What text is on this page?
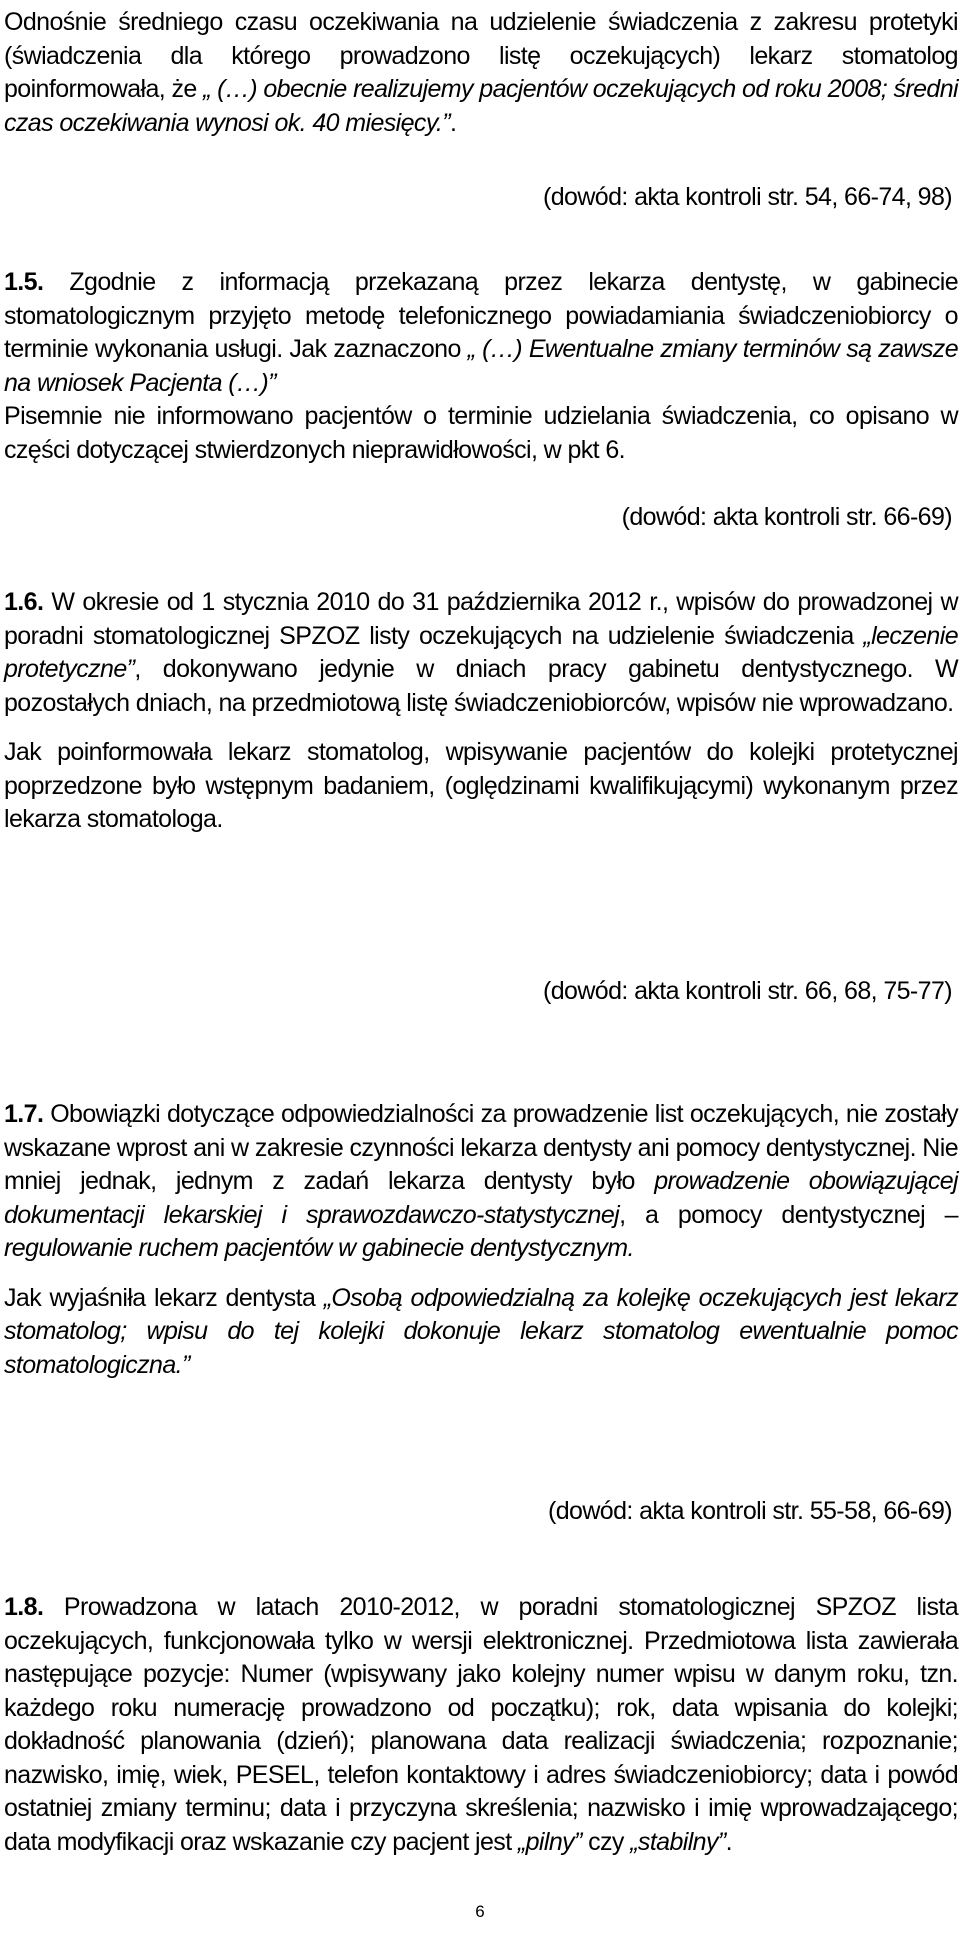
Odnośnie średniego czasu oczekiwania na udzielenie świadczenia z zakresu protetyki (świadczenia dla którego prowadzono listę oczekujących) lekarz stomatolog poinformowała, że „ (…) obecnie realizujemy pacjentów oczekujących od roku 2008; średni czas oczekiwania wynosi ok. 40 miesięcy.”.

(dowód: akta kontroli str. 54, 66-74, 98)

1.5. Zgodnie z informacją przekazaną przez lekarza dentystę, w gabinecie stomatologicznym przyjęto metodę telefonicznego powiadamiania świadczeniobiorcy o terminie wykonania usługi. Jak zaznaczono „ (…) Ewentualne zmiany terminów są zawsze na wniosek Pacjenta (…)”

Pisemnie nie informowano pacjentów o terminie udzielania świadczenia, co opisano w części dotyczącej stwierdzonych nieprawidłowości, w pkt 6.

(dowód: akta kontroli str. 66-69)

1.6. W okresie od 1 stycznia 2010 do 31 października 2012 r., wpisów do prowadzonej w poradni stomatologicznej SPZOZ listy oczekujących na udzielenie świadczenia „leczenie protetyczne”, dokonywano jedynie w dniach pracy gabinetu dentystycznego. W pozostałych dniach, na przedmiotową listę świadczeniobiorców, wpisów nie wprowadzano.

Jak poinformowała lekarz stomatolog, wpisywanie pacjentów do kolejki protetycznej poprzedzone było wstępnym badaniem, (oględzinami kwalifikującymi) wykonanym przez lekarza stomatologa.

(dowód: akta kontroli str. 66, 68, 75-77)

1.7. Obowiązki dotyczące odpowiedzialności za prowadzenie list oczekujących, nie zostały wskazane wprost ani w zakresie czynności lekarza dentysty ani pomocy dentystycznej. Nie mniej jednak, jednym z zadań lekarza dentysty było prowadzenie obowiązującej dokumentacji lekarskiej i sprawozdawczo-statystycznej, a pomocy dentystycznej – regulowanie ruchem pacjentów w gabinecie dentystycznym.

Jak wyjaśniła lekarz dentysta „Osobą odpowiedzialną za kolejkę oczekujących jest lekarz stomatolog; wpisu do tej kolejki dokonuje lekarz stomatolog ewentualnie pomoc stomatologiczna.”

(dowód: akta kontroli str. 55-58, 66-69)

1.8. Prowadzona w latach 2010-2012, w poradni stomatologicznej SPZOZ lista oczekujących, funkcjonowała tylko w wersji elektronicznej. Przedmiotowa lista zawierała następujące pozycje: Numer (wpisywany jako kolejny numer wpisu w danym roku, tzn. każdego roku numerację prowadzono od początku); rok, data wpisania do kolejki; dokładność planowania (dzień); planowana data realizacji świadczenia; rozpoznanie; nazwisko, imię, wiek, PESEL, telefon kontaktowy i adres świadczeniobiorcy; data i powód ostatniej zmiany terminu; data i przyczyna skreślenia; nazwisko i imię wprowadzającego; data modyfikacji oraz wskazanie czy pacjent jest „pilny” czy „stabilny”.

6
